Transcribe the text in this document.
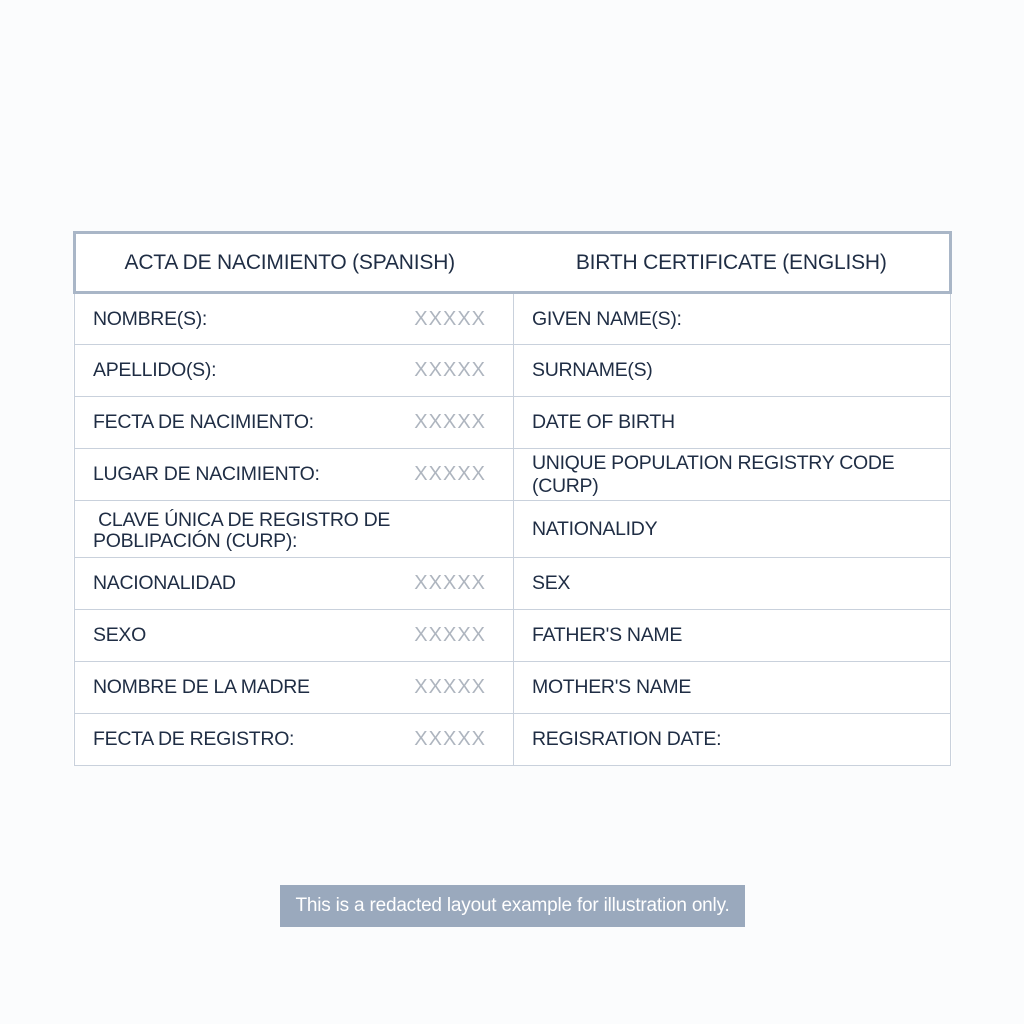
ACTA DE NACIMIENTO (SPANISH)	BIRTH CERTIFICATE (ENGLISH)

NOMBRE(S): XXXXX	GIVEN NAME(S):

APELLIDO(S): XXXXX	SURNAME(S)

FECTA DE NACIMIENTO: XXXXX	DATE OF BIRTH

LUGAR DE NACIMIENTO: XXXXX	UNIQUE POPULATION REGISTRY CODE (CURP)

CLAVE ÚNICA DE REGISTRO DE
POBLIPACIÓN (CURP):	NATIONALIDY

NACIONALIDAD XXXXX	SEX

SEXO XXXXX	FATHER'S NAME

NOMBRE DE LA MADRE XXXXX	MOTHER'S NAME

FECTA DE REGISTRO: XXXXX	REGISRATION DATE:
This is a redacted layout example for illustration only.
